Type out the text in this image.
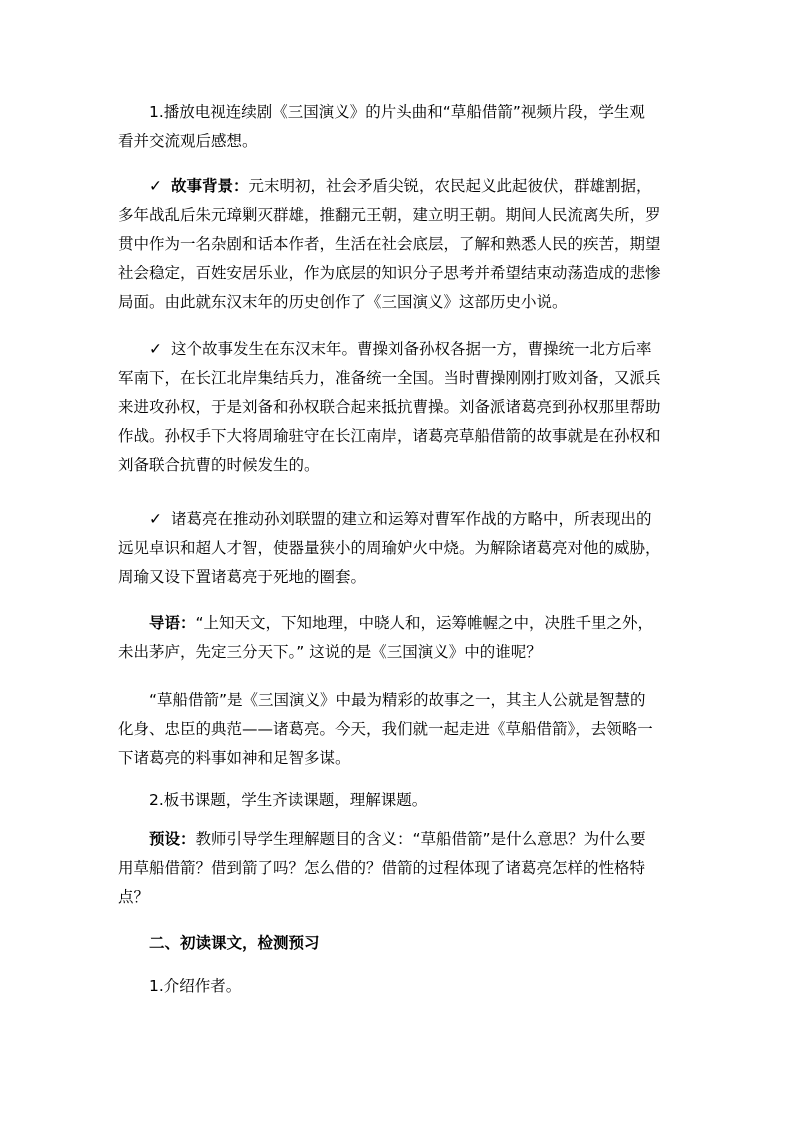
1.播放电视连续剧《三国演义》的片头曲和“草船借箭”视频片段，学生观
看并交流观后感想。
✓ 故事背景：元末明初，社会矛盾尖锐，农民起义此起彼伏，群雄割据，
多年战乱后朱元璋剿灭群雄，推翻元王朝，建立明王朝。期间人民流离失所，罗
贯中作为一名杂剧和话本作者，生活在社会底层，了解和熟悉人民的疾苦，期望
社会稳定，百姓安居乐业，作为底层的知识分子思考并希望结束动荡造成的悲惨
局面。由此就东汉末年的历史创作了《三国演义》这部历史小说。
✓ 这个故事发生在东汉末年。曹操刘备孙权各据一方，曹操统一北方后率
军南下，在长江北岸集结兵力，准备统一全国。当时曹操刚刚打败刘备，又派兵
来进攻孙权，于是刘备和孙权联合起来抵抗曹操。刘备派诸葛亮到孙权那里帮助
作战。孙权手下大将周瑜驻守在长江南岸，诸葛亮草船借箭的故事就是在孙权和
刘备联合抗曹的时候发生的。
✓ 诸葛亮在推动孙刘联盟的建立和运筹对曹军作战的方略中，所表现出的
远见卓识和超人才智，使器量狭小的周瑜妒火中烧。为解除诸葛亮对他的威胁，
周瑜又设下置诸葛亮于死地的圈套。
导语：“上知天文，下知地理，中晓人和，运筹帷幄之中，决胜千里之外，
未出茅庐，先定三分天下。” 这说的是《三国演义》中的谁呢？
“草船借箭”是《三国演义》中最为精彩的故事之一，其主人公就是智慧的
化身、忠臣的典范——诸葛亮。今天，我们就一起走进《草船借箭》，去领略一
下诸葛亮的料事如神和足智多谋。
2.板书课题，学生齐读课题，理解课题。
预设：教师引导学生理解题目的含义：“草船借箭”是什么意思？为什么要
用草船借箭？借到箭了吗？怎么借的？借箭的过程体现了诸葛亮怎样的性格特
点？
二、初读课文，检测预习
1.介绍作者。
